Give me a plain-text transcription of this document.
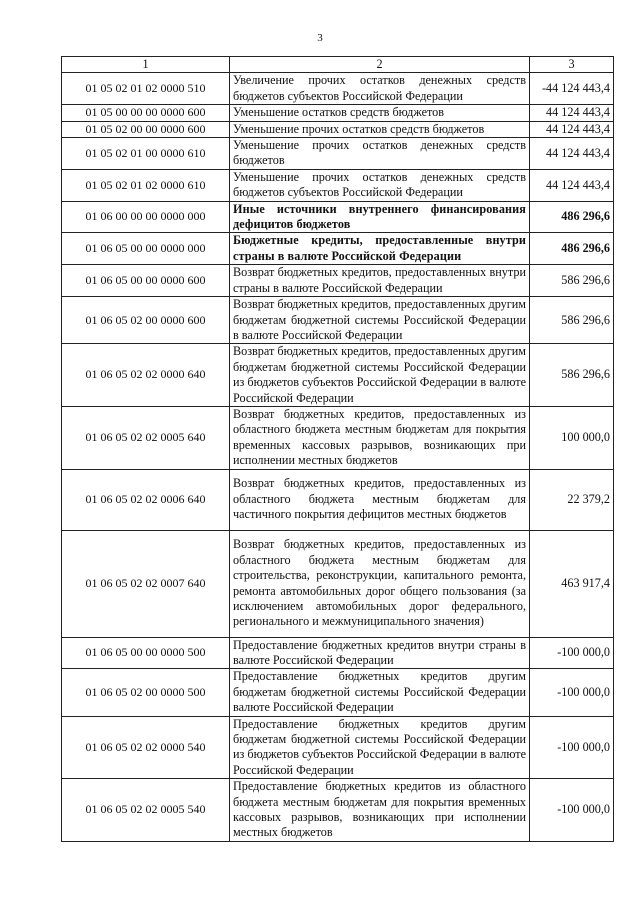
3
1	2	3
01 05 02 01 02 0000 510	Увеличение прочих остатков денежных средств бюджетов субъектов Российской Федерации	-44 124 443,4
01 05 00 00 00 0000 600	Уменьшение остатков средств бюджетов	44 124 443,4
01 05 02 00 00 0000 600	Уменьшение прочих остатков средств бюджетов	44 124 443,4
01 05 02 01 00 0000 610	Уменьшение прочих остатков денежных средств бюджетов	44 124 443,4
01 05 02 01 02 0000 610	Уменьшение прочих остатков денежных средств бюджетов субъектов Российской Федерации	44 124 443,4
01 06 00 00 00 0000 000	Иные источники внутреннего финансирования дефицитов бюджетов	486 296,6
01 06 05 00 00 0000 000	Бюджетные кредиты, предоставленные внутри страны в валюте Российской Федерации	486 296,6
01 06 05 00 00 0000 600	Возврат бюджетных кредитов, предоставленных внутри страны в валюте Российской Федерации	586 296,6
01 06 05 02 00 0000 600	Возврат бюджетных кредитов, предоставленных другим бюджетам бюджетной системы Российской Федерации в валюте Российской Федерации	586 296,6
01 06 05 02 02 0000 640	Возврат бюджетных кредитов, предоставленных другим бюджетам бюджетной системы Российской Федерации из бюджетов субъектов Российской Федерации в валюте Российской Федерации	586 296,6
01 06 05 02 02 0005 640	Возврат бюджетных кредитов, предоставленных из областного бюджета местным бюджетам для покрытия временных кассовых разрывов, возникающих при исполнении местных бюджетов	100 000,0
01 06 05 02 02 0006 640	Возврат бюджетных кредитов, предоставленных из областного бюджета местным бюджетам для частичного покрытия дефицитов местных бюджетов	22 379,2
01 06 05 02 02 0007 640	Возврат бюджетных кредитов, предоставленных из областного бюджета местным бюджетам для строительства, реконструкции, капитального ремонта, ремонта автомобильных дорог общего пользования (за исключением автомобильных дорог федерального, регионального и межмуниципального значения)	463 917,4
01 06 05 00 00 0000 500	Предоставление бюджетных кредитов внутри страны в валюте Российской Федерации	-100 000,0
01 06 05 02 00 0000 500	Предоставление бюджетных кредитов другим бюджетам бюджетной системы Российской Федерации валюте Российской Федерации	-100 000,0
01 06 05 02 02 0000 540	Предоставление бюджетных кредитов другим бюджетам бюджетной системы Российской Федерации из бюджетов субъектов Российской Федерации в валюте Российской Федерации	-100 000,0
01 06 05 02 02 0005 540	Предоставление бюджетных кредитов из областного бюджета местным бюджетам для покрытия временных кассовых разрывов, возникающих при исполнении местных бюджетов	-100 000,0
